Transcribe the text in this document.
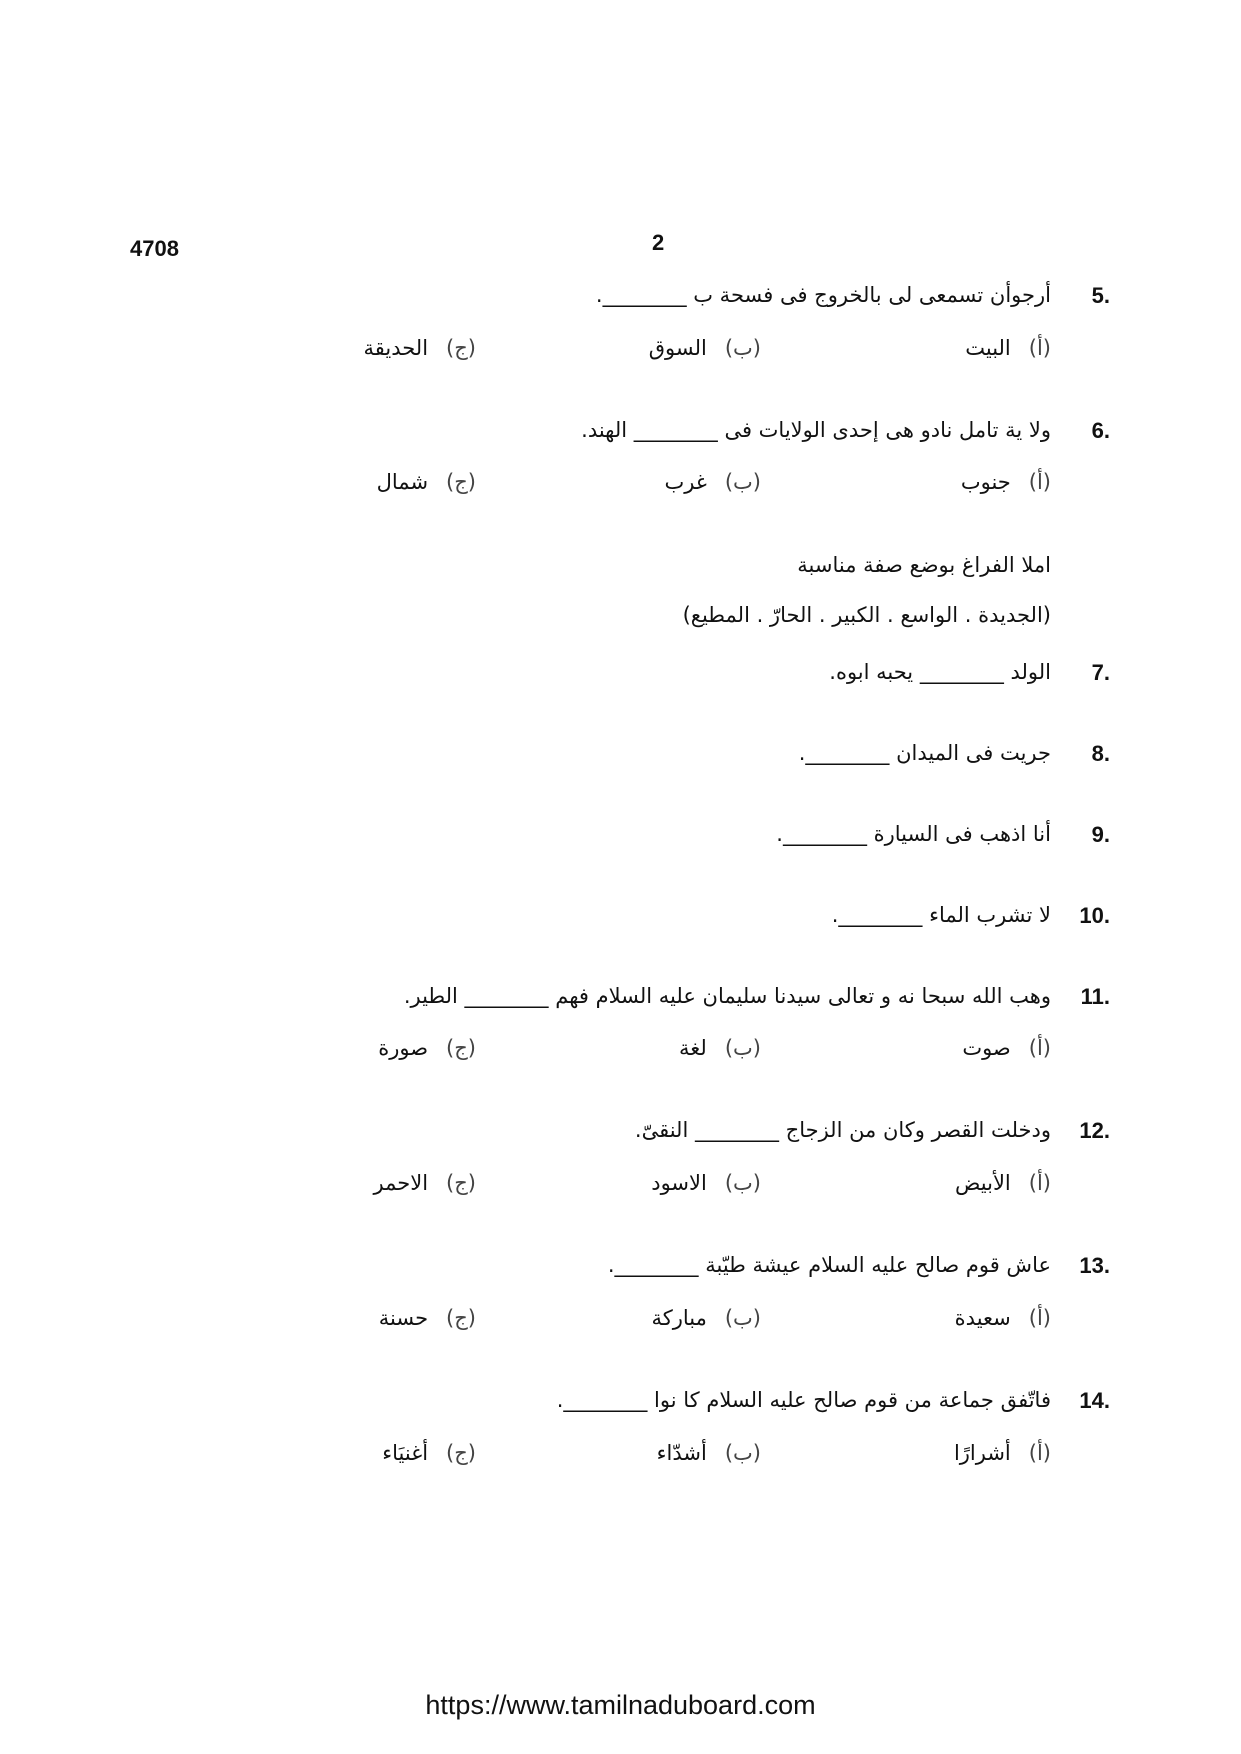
4708	2
5.
أرجوأن تسمعى لى بالخروج فى فسحة ب ________.
(أ)البيت
(ب)السوق
(ج)الحديقة
6.
ولا ية تامل نادو هى إحدى الولايات فى ________ الهند.
(أ)جنوب
(ب)غرب
(ج)شمال
املا الفراغ بوضع صفة مناسبة
(الجديدة . الواسع . الكبير . الحارّ . المطيع)
7.
الولد ________ يحبه ابوه.
8.
جريت فى الميدان ________.
9.
أنا اذهب فى السيارة ________.
10.
لا تشرب الماء ________.
11.
وهب الله سبحا نه و تعالى سيدنا سليمان عليه السلام فهم ________ الطير.
(أ)صوت
(ب)لغة
(ج)صورة
12.
ودخلت القصر وكان من الزجاج ________ النقىّ.
(أ)الأبيض
(ب)الاسود
(ج)الاحمر
13.
عاش قوم صالح عليه السلام عيشة طيّبة ________.
(أ)سعيدة
(ب)مباركة
(ج)حسنة
14.
فاتّفق جماعة من قوم صالح عليه السلام كا نوا ________.
(أ)أشرارًا
(ب)أشدّاء
(ج)أغنيَاء
https://www.tamilnaduboard.com
